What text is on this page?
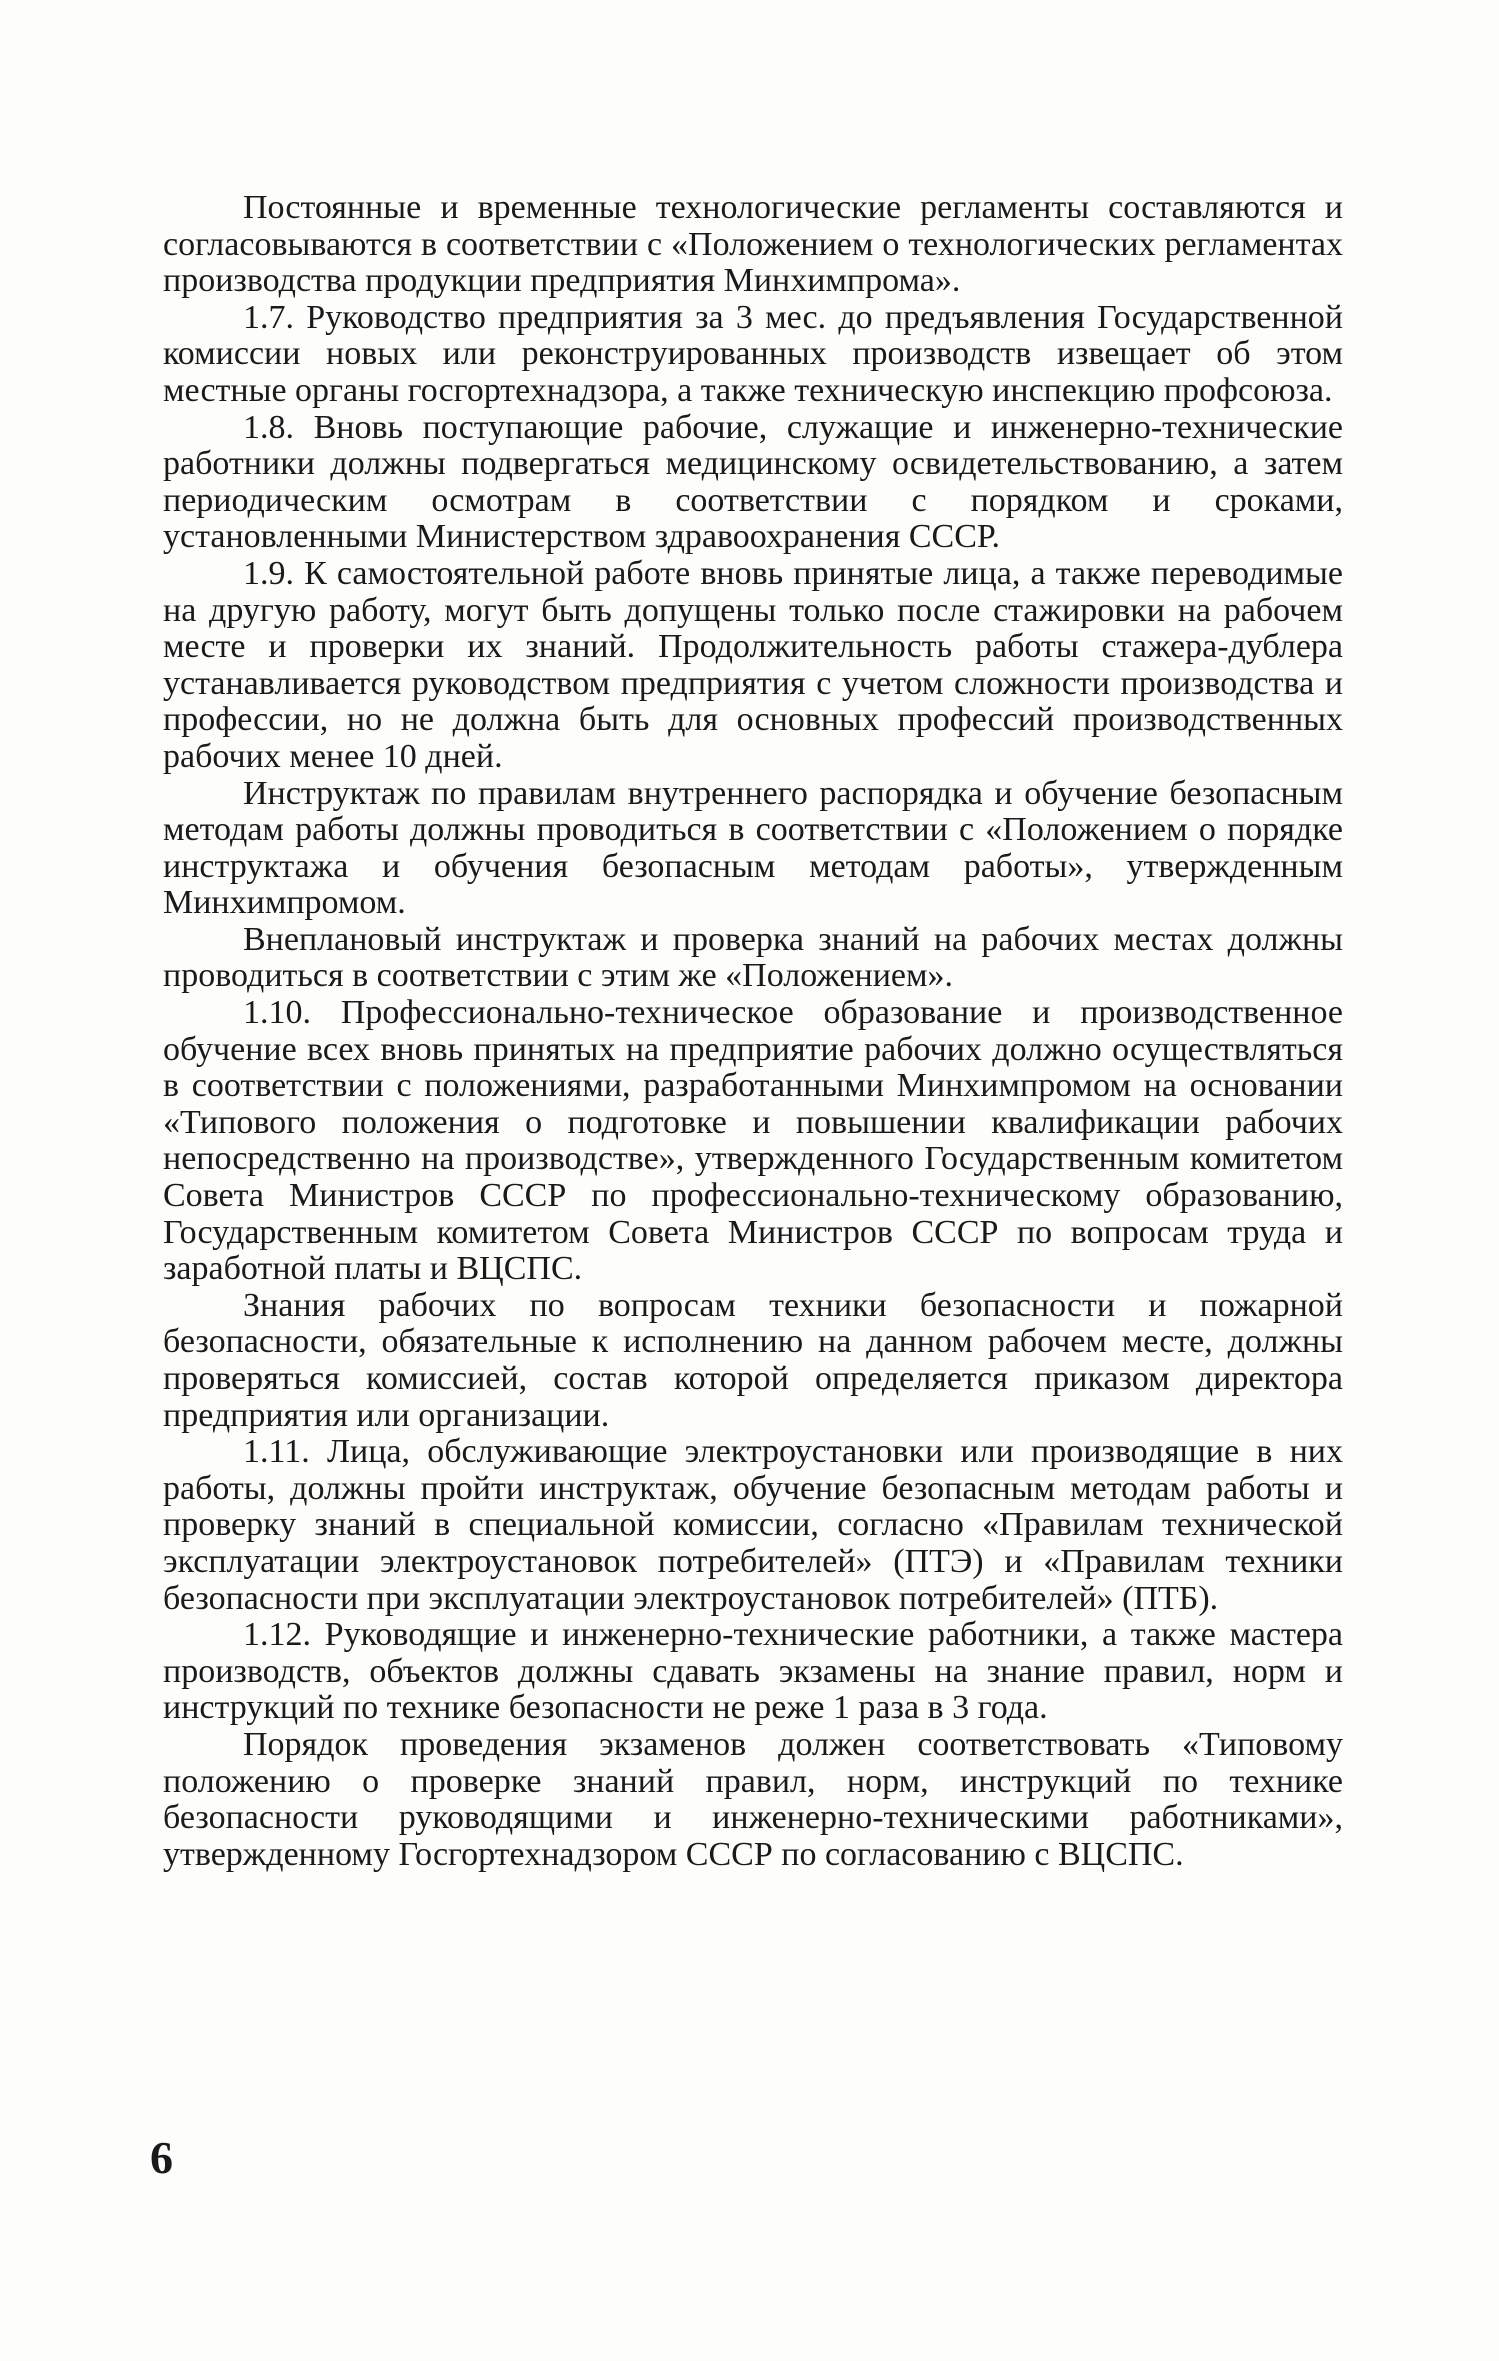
Постоянные и временные технологические регламенты составляются и согласовываются в соответствии с «Положением о технологических регламентах производства продукции предприятия Минхимпрома».

1.7. Руководство предприятия за 3 мес. до предъявления Государственной комиссии новых или реконструированных производств извещает об этом местные органы госгортехнадзора, а также техническую инспекцию профсоюза.

1.8. Вновь поступающие рабочие, служащие и инженерно-технические работники должны подвергаться медицинскому освидетельствованию, а затем периодическим осмотрам в соответствии с порядком и сроками, установленными Министерством здравоохранения СССР.

1.9. К самостоятельной работе вновь принятые лица, а также переводимые на другую работу, могут быть допущены только после стажировки на рабочем месте и проверки их знаний. Продолжительность работы стажера-дублера устанавливается руководством предприятия с учетом сложности производства и профессии, но не должна быть для основных профессий производственных рабочих менее 10 дней.

Инструктаж по правилам внутреннего распорядка и обучение безопасным методам работы должны проводиться в соответствии с «Положением о порядке инструктажа и обучения безопасным методам работы», утвержденным Минхимпромом.

Внеплановый инструктаж и проверка знаний на рабочих местах должны проводиться в соответствии с этим же «Положением».

1.10. Профессионально-техническое образование и производственное обучение всех вновь принятых на предприятие рабочих должно осуществляться в соответствии с положениями, разработанными Минхимпромом на основании «Типового положения о подготовке и повышении квалификации рабочих непосредственно на производстве», утвержденного Государственным комитетом Совета Министров СССР по профессионально-техническому образованию, Государственным комитетом Совета Министров СССР по вопросам труда и заработной платы и ВЦСПС.

Знания рабочих по вопросам техники безопасности и пожарной безопасности, обязательные к исполнению на данном рабочем месте, должны проверяться комиссией, состав которой определяется приказом директора предприятия или организации.

1.11. Лица, обслуживающие электроустановки или производящие в них работы, должны пройти инструктаж, обучение безопасным методам работы и проверку знаний в специальной комиссии, согласно «Правилам технической эксплуатации электроустановок потребителей» (ПТЭ) и «Правилам техники безопасности при эксплуатации электроустановок потребителей» (ПТБ).

1.12. Руководящие и инженерно-технические работники, а также мастера производств, объектов должны сдавать экзамены на знание правил, норм и инструкций по технике безопасности не реже 1 раза в 3 года.

Порядок проведения экзаменов должен соответствовать «Типовому положению о проверке знаний правил, норм, инструкций по технике безопасности руководящими и инженерно-техническими работниками», утвержденному Госгортехнадзором СССР по согласованию с ВЦСПС.

6
